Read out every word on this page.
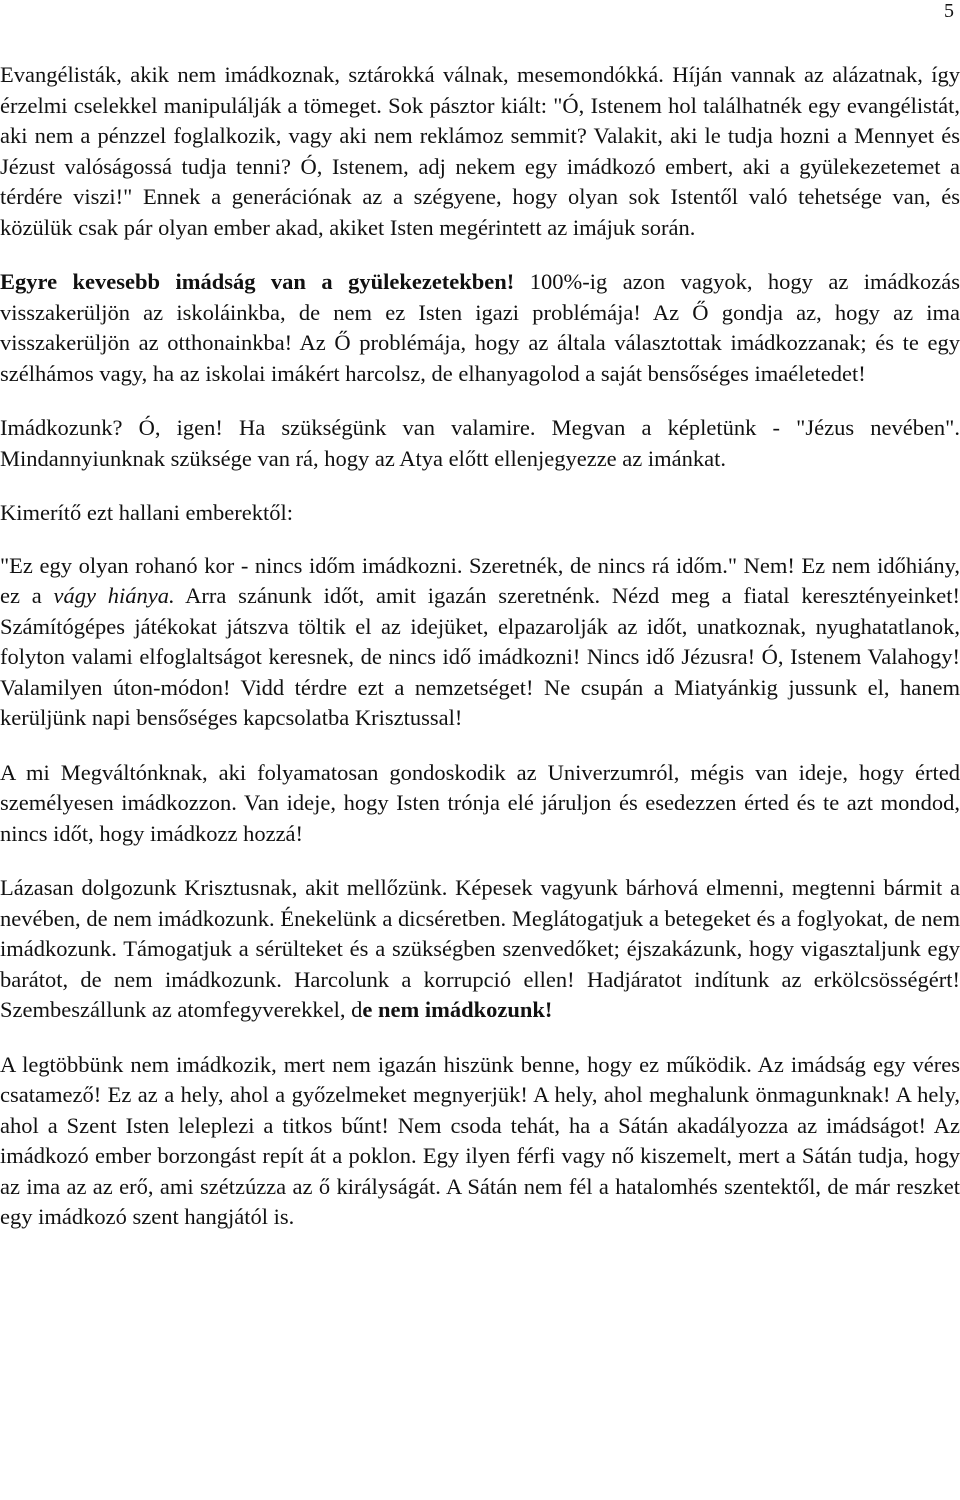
5

Evangélisták, akik nem imádkoznak, sztárokká válnak, mesemondókká. Híján vannak az alázatnak, így érzelmi cselekkel manipulálják a tömeget. Sok pásztor kiált: "Ó, Istenem hol találhatnék egy evangélistát, aki nem a pénzzel foglalkozik, vagy aki nem reklámoz semmit? Valakit, aki le tudja hozni a Mennyet és Jézust valóságossá tudja tenni? Ó, Istenem, adj nekem egy imádkozó embert, aki a gyülekezetemet a térdére viszi!" Ennek a generációnak az a szégyene, hogy olyan sok Istentől való tehetsége van, és közülük csak pár olyan ember akad, akiket Isten megérintett az imájuk során.

Egyre kevesebb imádság van a gyülekezetekben! 100%-ig azon vagyok, hogy az imádkozás visszakerüljön az iskoláinkba, de nem ez Isten igazi problémája! Az Ő gondja az, hogy az ima visszakerüljön az otthonainkba! Az Ő problémája, hogy az általa választottak imádkozzanak; és te egy szélhámos vagy, ha az iskolai imákért harcolsz, de elhanyagolod a saját bensőséges imaéletedet!

Imádkozunk? Ó, igen! Ha szükségünk van valamire. Megvan a képletünk - "Jézus nevében". Mindannyiunknak szüksége van rá, hogy az Atya előtt ellenjegyezze az imánkat.

Kimerítő ezt hallani emberektől:

"Ez egy olyan rohanó kor - nincs időm imádkozni. Szeretnék, de nincs rá időm." Nem! Ez nem időhiány, ez a vágy hiánya. Arra szánunk időt, amit igazán szeretnénk. Nézd meg a fiatal keresztényeinket! Számítógépes játékokat játszva töltik el az idejüket, elpazarolják az időt, unatkoznak, nyughatatlanok, folyton valami elfoglaltságot keresnek, de nincs idő imádkozni! Nincs idő Jézusra! Ó, Istenem Valahogy! Valamilyen úton-módon! Vidd térdre ezt a nemzetséget! Ne csupán a Miatyánkig jussunk el, hanem kerüljünk napi bensőséges kapcsolatba Krisztussal!

A mi Megváltónknak, aki folyamatosan gondoskodik az Univerzumról, mégis van ideje, hogy érted személyesen imádkozzon. Van ideje, hogy Isten trónja elé járuljon és esedezzen érted és te azt mondod, nincs időt, hogy imádkozz hozzá!

Lázasan dolgozunk Krisztusnak, akit mellőzünk. Képesek vagyunk bárhová elmenni, megtenni bármit a nevében, de nem imádkozunk. Énekelünk a dicséretben. Meglátogatjuk a betegeket és a foglyokat, de nem imádkozunk. Támogatjuk a sérülteket és a szükségben szenvedőket; éjszakázunk, hogy vigasztaljunk egy barátot, de nem imádkozunk. Harcolunk a korrupció ellen! Hadjáratot indítunk az erkölcsösségért! Szembeszállunk az atomfegyverekkel, de nem imádkozunk!

A legtöbbünk nem imádkozik, mert nem igazán hiszünk benne, hogy ez működik. Az imádság egy véres csatamező! Ez az a hely, ahol a győzelmeket megnyerjük! A hely, ahol meghalunk önmagunknak! A hely, ahol a Szent Isten leleplezi a titkos bűnt! Nem csoda tehát, ha a Sátán akadályozza az imádságot! Az imádkozó ember borzongást repít át a poklon. Egy ilyen férfi vagy nő kiszemelt, mert a Sátán tudja, hogy az ima az az erő, ami szétzúzza az ő királyságát. A Sátán nem fél a hatalomhés szentektől, de már reszket egy imádkozó szent hangjától is.
